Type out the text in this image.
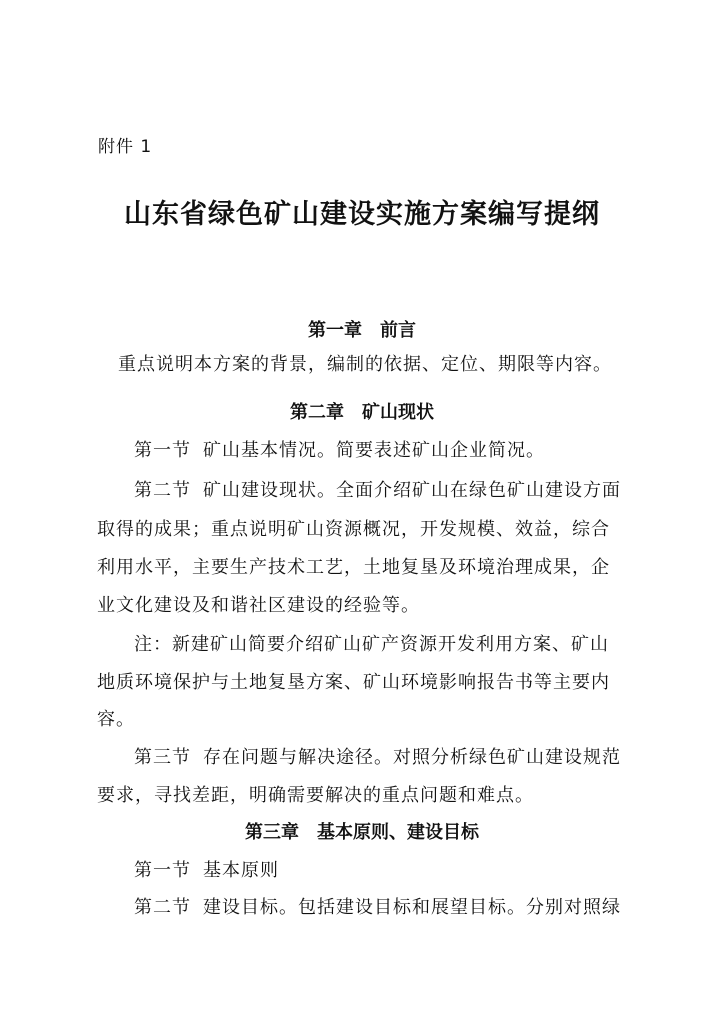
附件 1
山东省绿色矿山建设实施方案编写提纲
第一章　前言
重点说明本方案的背景，编制的依据、定位、期限等内容。
第二章　矿山现状
第一节 矿山基本情况。简要表述矿山企业简况。
第二节 矿山建设现状。全面介绍矿山在绿色矿山建设方面
取得的成果；重点说明矿山资源概况，开发规模、效益，综合
利用水平，主要生产技术工艺，土地复垦及环境治理成果，企
业文化建设及和谐社区建设的经验等。
注：新建矿山简要介绍矿山矿产资源开发利用方案、矿山
地质环境保护与土地复垦方案、矿山环境影响报告书等主要内
容。
第三节 存在问题与解决途径。对照分析绿色矿山建设规范
要求，寻找差距，明确需要解决的重点问题和难点。
第三章　基本原则、建设目标
第一节 基本原则
第二节 建设目标。包括建设目标和展望目标。分别对照绿
